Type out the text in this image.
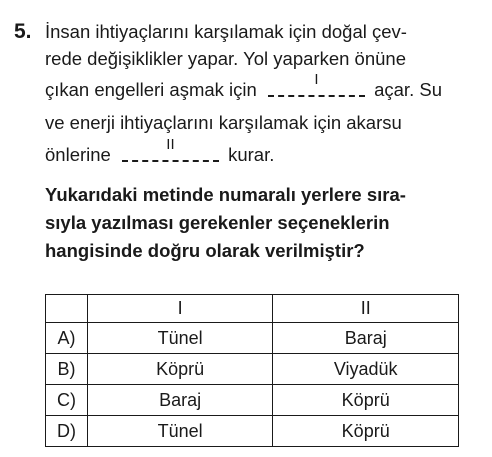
5. İnsan ihtiyaçlarını karşılamak için doğal çev-
rede değişiklikler yapar. Yol yaparken önüne
çıkan engelleri aşmak için	I	açar. Su
ve enerji ihtiyaçlarını karşılamak için akarsu
önlerine	II	kurar.
Yukarıdaki metinde numaralı yerlere sıra-
sıyla yazılması gerekenler seçeneklerin
hangisinde doğru olarak verilmiştir?
	I	II
A)	Tünel	Baraj
B)	Köprü	Viyadük
C)	Baraj	Köprü
D)	Tünel	Köprü
